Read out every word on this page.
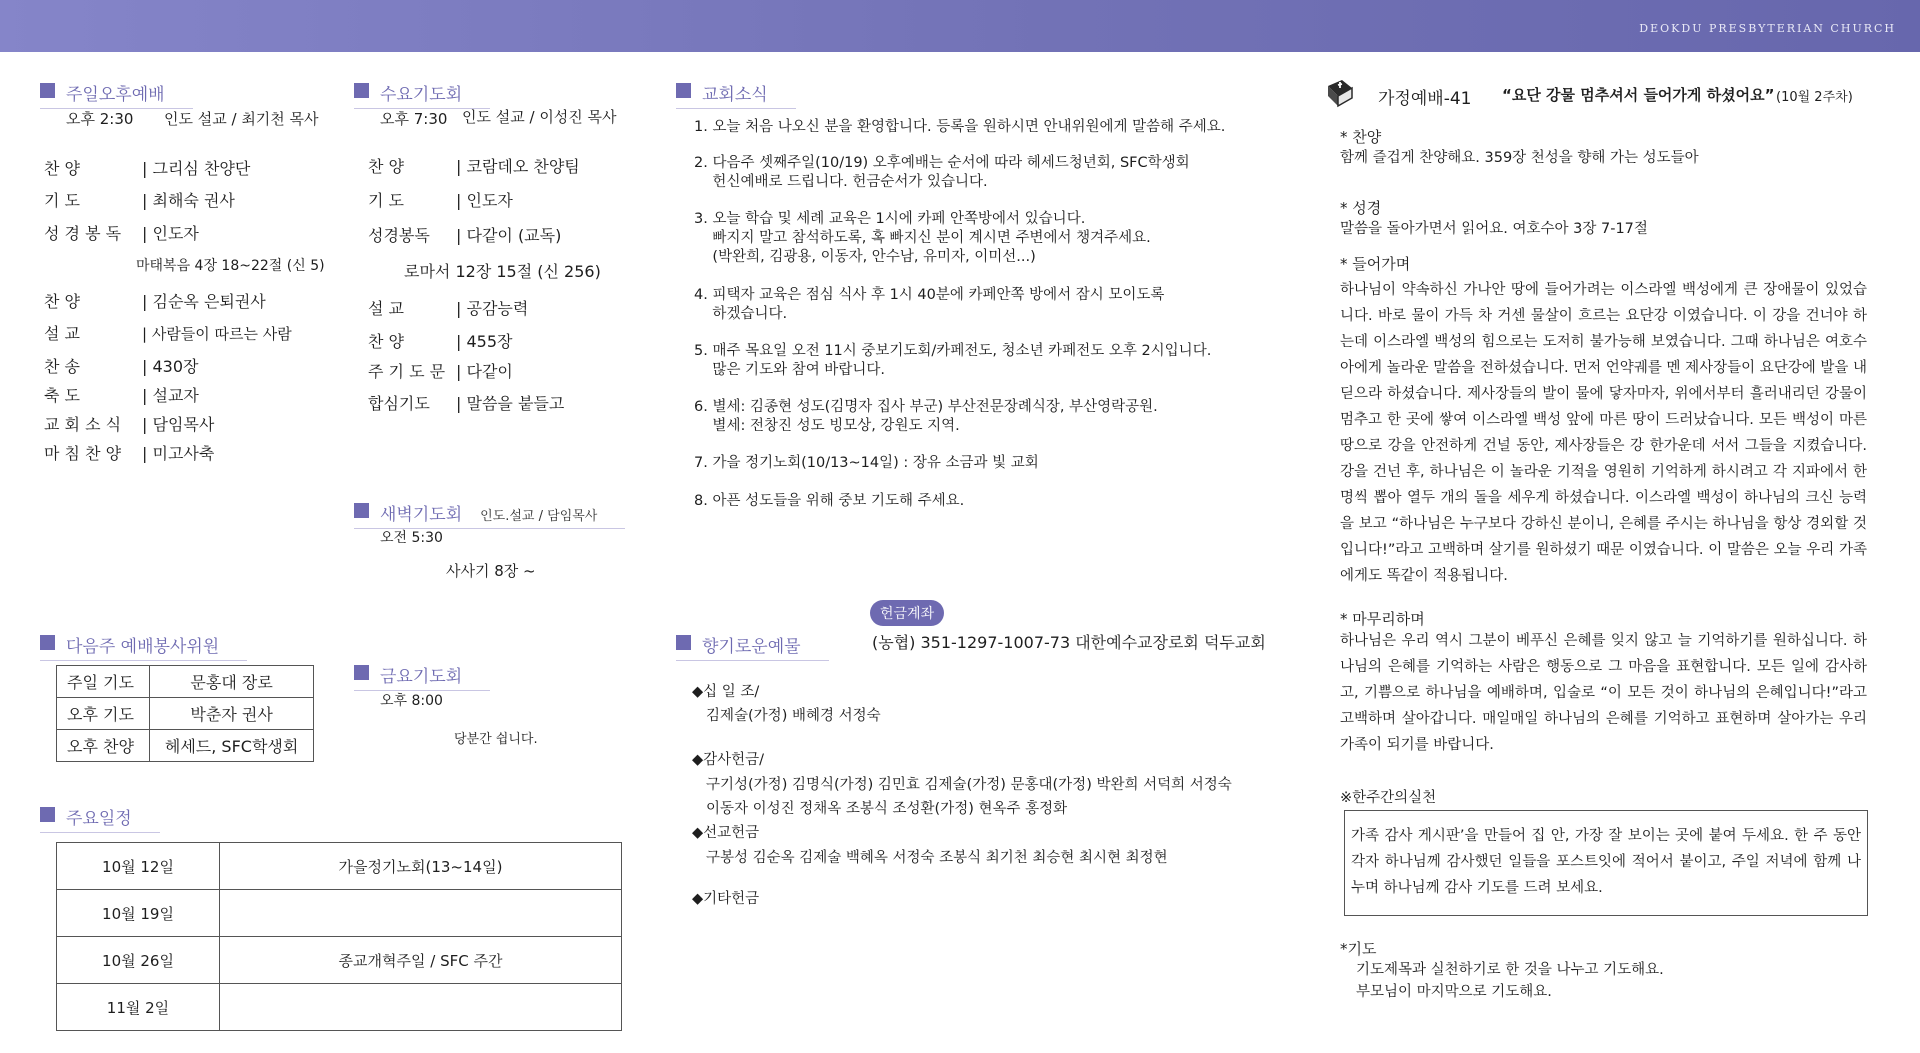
DEOKDU PRESBYTERIAN CHURCH
주일오후예배
오후 2:30 인도 설교 / 최기천 목사
찬 양	| 그리심 찬양단
기 도	| 최해숙 권사
성 경 봉 독 | 인도자
마태복음 4장 18~22절 (신 5)
찬 양	| 김순옥 은퇴권사
설 교	| 사람들이 따르는 사람
찬 송	| 430장
축 도	| 설교자
교 회 소 식 | 담임목사
마 침 찬 양 | 미고사축
수요기도회
오후 7:30 인도 설교 / 이성진 목사
찬 양	| 코람데오 찬양팀
기 도	| 인도자
성경봉독 | 다같이 (교독)
로마서 12장 15절 (신 256)
설 교	| 공감능력
찬 양	| 455장
주 기 도 문 | 다같이
합심기도 | 말씀을 붙들고
새벽기도회 인도.설교 / 담임목사
오전 5:30
사사기 8장 ~
금요기도회
오후 8:00
당분간 쉽니다.
다음주 예배봉사위원
주일 기도	문홍대 장로
오후 기도	박춘자 권사
오후 찬양	헤세드, SFC학생회
주요일정
10월 12일	가을정기노회(13~14일)
10월 19일	
10월 26일	종교개혁주일 / SFC 주간
11월 2일	
교회소식
1. 오늘 처음 나오신 분을 환영합니다. 등록을 원하시면 안내위원에게 말씀해 주세요.
2. 다음주 셋째주일(10/19) 오후예배는 순서에 따라 헤세드청년회, SFC학생회
헌신예배로 드립니다. 헌금순서가 있습니다.
3. 오늘 학습 및 세례 교육은 1시에 카페 안쪽방에서 있습니다.
빠지지 말고 참석하도록, 혹 빠지신 분이 계시면 주변에서 챙겨주세요.
(박완희, 김광용, 이동자, 안수남, 유미자, 이미선...)
4. 피택자 교육은 점심 식사 후 1시 40분에 카페안쪽 방에서 잠시 모이도록
하겠습니다.
5. 매주 목요일 오전 11시 중보기도회/카페전도, 청소년 카페전도 오후 2시입니다.
많은 기도와 참여 바랍니다.
6. 별세: 김종현 성도(김명자 집사 부군) 부산전문장례식장, 부산영락공원.
별세: 전창진 성도 빙모상, 강원도 지역.
7. 가을 정기노회(10/13~14일) : 장유 소금과 빛 교회
8. 아픈 성도들을 위해 중보 기도해 주세요.
헌금계좌
향기로운예물	(농협) 351-1297-1007-73 대한예수교장로회 덕두교회
◆십 일 조/
김제술(가정) 배혜경 서정숙
◆감사헌금/
구기성(가정) 김명식(가정) 김민효 김제술(가정) 문홍대(가정) 박완희 서덕희 서정숙
이동자 이성진 정채옥 조봉식 조성환(가정) 현옥주 홍정화
◆선교헌금
구봉성 김순옥 김제술 백혜옥 서정숙 조봉식 최기천 최승현 최시현 최정현
◆기타헌금
가정예배-41 “요단 강물 멈추셔서 들어가게 하셨어요” (10월 2주차)
* 찬양
함께 즐겁게 찬양해요. 359장 천성을 향해 가는 성도들아
* 성경
말씀을 돌아가면서 읽어요. 여호수아 3장 7-17절
* 들어가며
하나님이 약속하신 가나안 땅에 들어가려는 이스라엘 백성에게 큰 장애물이 있었습니다. 바로 물이 가득 차 거센 물살이 흐르는 요단강 이였습니다. 이 강을 건너야 하는데 이스라엘 백성의 힘으로는 도저히 불가능해 보였습니다. 그때 하나님은 여호수아에게 놀라운 말씀을 전하셨습니다. 먼저 언약궤를 멘 제사장들이 요단강에 발을 내딛으라 하셨습니다. 제사장들의 발이 물에 닿자마자, 위에서부터 흘러내리던 강물이 멈추고 한 곳에 쌓여 이스라엘 백성 앞에 마른 땅이 드러났습니다. 모든 백성이 마른 땅으로 강을 안전하게 건널 동안, 제사장들은 강 한가운데 서서 그들을 지켰습니다. 강을 건넌 후, 하나님은 이 놀라운 기적을 영원히 기억하게 하시려고 각 지파에서 한 명씩 뽑아 열두 개의 돌을 세우게 하셨습니다. 이스라엘 백성이 하나님의 크신 능력을 보고 “하나님은 누구보다 강하신 분이니, 은혜를 주시는 하나님을 항상 경외할 것입니다!”라고 고백하며 살기를 원하셨기 때문 이였습니다. 이 말씀은 오늘 우리 가족에게도 똑같이 적용됩니다.
* 마무리하며
하나님은 우리 역시 그분이 베푸신 은혜를 잊지 않고 늘 기억하기를 원하십니다. 하나님의 은혜를 기억하는 사람은 행동으로 그 마음을 표현합니다. 모든 일에 감사하고, 기쁨으로 하나님을 예배하며, 입술로 “이 모든 것이 하나님의 은혜입니다!”라고 고백하며 살아갑니다. 매일매일 하나님의 은혜를 기억하고 표현하며 살아가는 우리 가족이 되기를 바랍니다.
※한주간의실천
가족 감사 게시판’을 만들어 집 안, 가장 잘 보이는 곳에 붙여 두세요. 한 주 동안 각자 하나님께 감사했던 일들을 포스트잇에 적어서 붙이고, 주일 저녁에 함께 나누며 하나님께 감사 기도를 드려 보세요.
*기도
기도제목과 실천하기로 한 것을 나누고 기도해요.
부모님이 마지막으로 기도해요.
